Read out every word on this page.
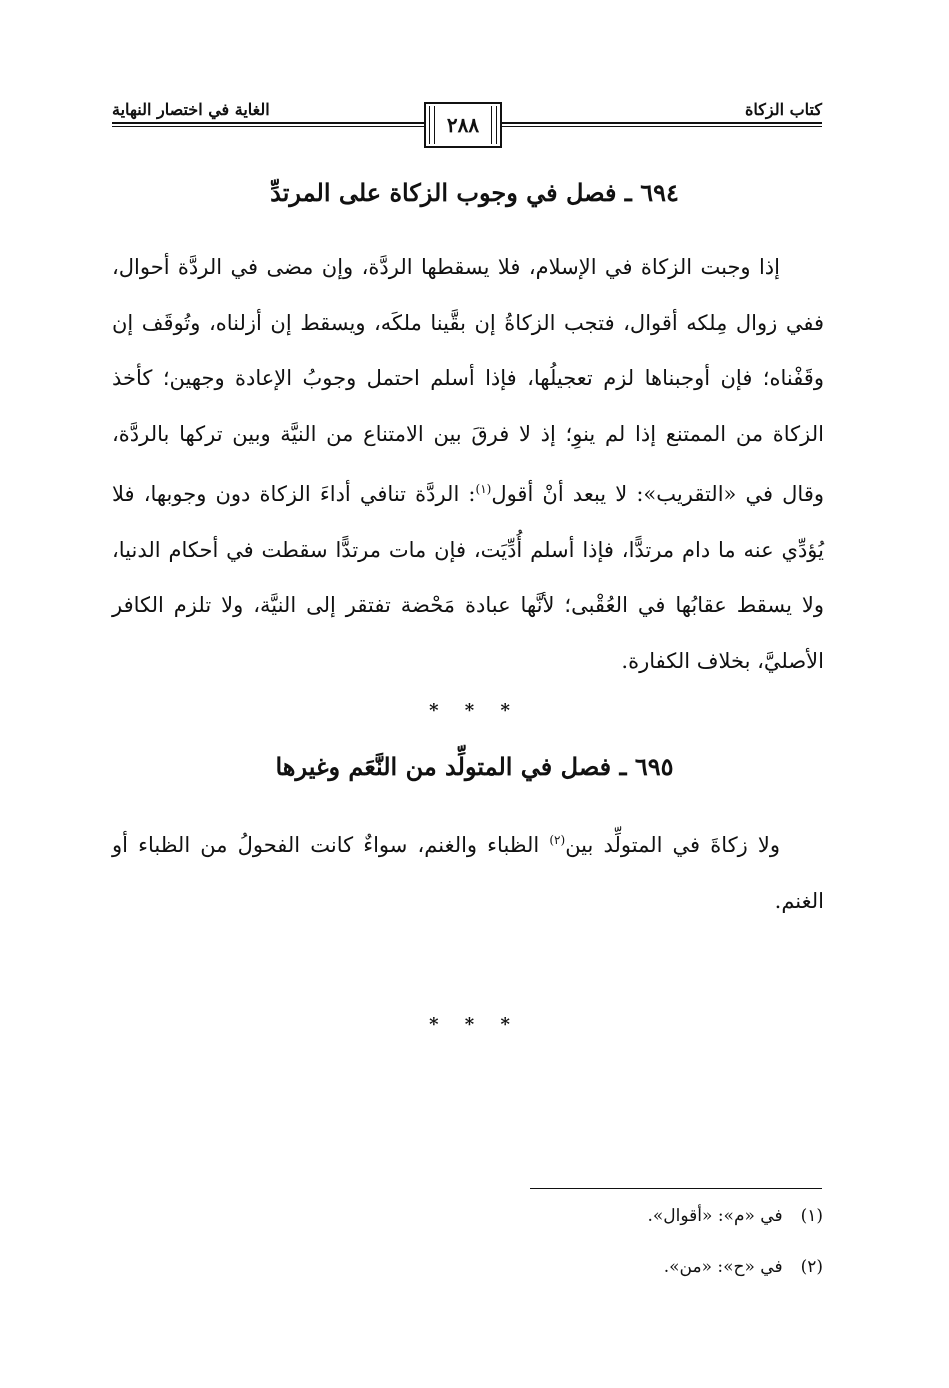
كتاب الزكاة
الغاية في اختصار النهاية
٢٨٨
٦٩٤ ـ فصل في وجوب الزكاة على المرتدِّ
إذا وجبت الزكاة في الإسلام، فلا يسقطها الردَّة، وإن مضى في الردَّة أحوال، ففي زوال مِلكه أقوال، فتجب الزكاةُ إن بقَّينا ملكَه، ويسقط إن أزلناه، وتُوقَف إن وقَفْناه؛ فإن أوجبناها لزم تعجيلُها، فإذا أسلم احتمل وجوبُ الإعادة وجهين؛ كأخذ الزكاة من الممتنع إذا لم ينوِ؛ إذ لا فرقَ بين الامتناع من النيَّة وبين تركها بالردَّة، وقال في «التقريب»: لا يبعد أنْ أقول$^{(١)}$: الردَّة تنافي أداءَ الزكاة دون وجوبها، فلا يُؤدِّي عنه ما دام مرتدًّا، فإذا أسلم أُدِّيَت، فإن مات مرتدًّا سقطت في أحكام الدنيا، ولا يسقط عقابُها في العُقْبى؛ لأنَّها عبادة مَحْضة تفتقر إلى النيَّة، ولا تلزم الكافر الأصليَّ، بخلاف الكفارة.
* * *
٦٩٥ ـ فصل في المتولِّد من النَّعَم وغيرها
ولا زكاةَ في المتولِّد بين$^{(٢)}$ الظباء والغنم، سواءٌ كانت الفحولُ من الظباء أو الغنم.
* * *
(١)في «م»: «أقوال».
(٢)في «ح»: «من».
